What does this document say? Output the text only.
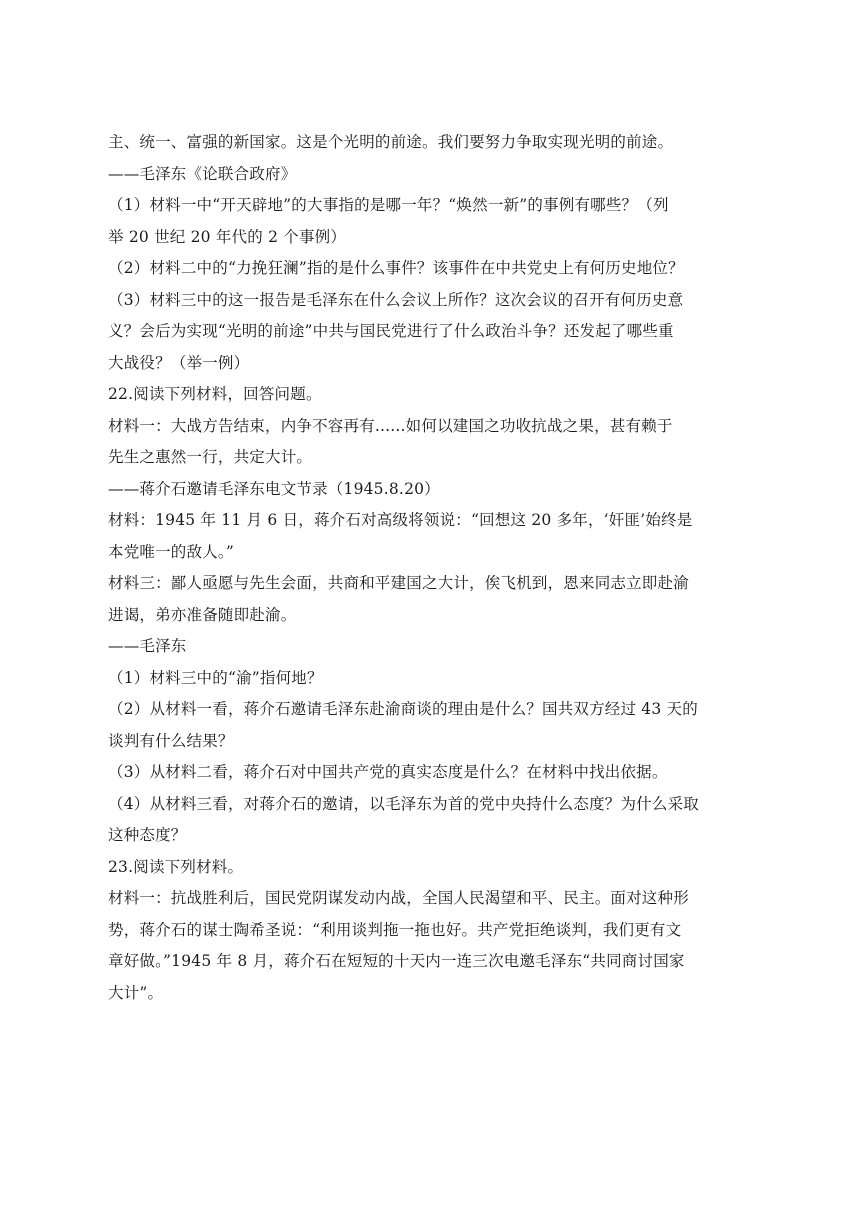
主、统一、富强的新国家。这是个光明的前途。我们要努力争取实现光明的前途。
——毛泽东《论联合政府》
（1）材料一中“开天辟地”的大事指的是哪一年？“焕然一新”的事例有哪些？（列
举 20 世纪 20 年代的 2 个事例）
（2）材料二中的“力挽狂澜”指的是什么事件？该事件在中共党史上有何历史地位？
（3）材料三中的这一报告是毛泽东在什么会议上所作？这次会议的召开有何历史意
义？会后为实现“光明的前途”中共与国民党进行了什么政治斗争？还发起了哪些重
大战役？（举一例）
22.阅读下列材料，回答问题。
材料一：大战方告结束，内争不容再有......如何以建国之功收抗战之果，甚有赖于
先生之惠然一行，共定大计。
——蒋介石邀请毛泽东电文节录（1945.8.20）
材料：1945 年 11 月 6 日，蒋介石对高级将领说：“回想这 20 多年，‘奸匪’始终是
本党唯一的敌人。”
材料三：鄙人亟愿与先生会面，共商和平建国之大计，俟飞机到，恩来同志立即赴渝
进谒，弟亦准备随即赴渝。
——毛泽东
（1）材料三中的“渝”指何地？
（2）从材料一看，蒋介石邀请毛泽东赴渝商谈的理由是什么？国共双方经过 43 天的
谈判有什么结果？
（3）从材料二看，蒋介石对中国共产党的真实态度是什么？在材料中找出依据。
（4）从材料三看，对蒋介石的邀请，以毛泽东为首的党中央持什么态度？为什么采取
这种态度？
23.阅读下列材料。
材料一：抗战胜利后，国民党阴谋发动内战，全国人民渴望和平、民主。面对这种形
势，蒋介石的谋士陶希圣说：“利用谈判拖一拖也好。共产党拒绝谈判，我们更有文
章好做。”1945 年 8 月，蒋介石在短短的十天内一连三次电邀毛泽东“共同商讨国家
大计”。
